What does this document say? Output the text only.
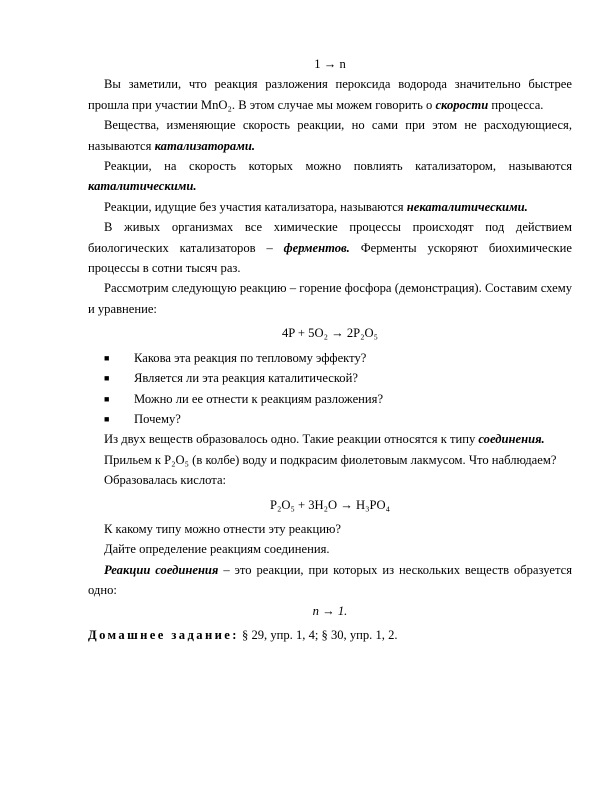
1 → n

Вы заметили, что реакция разложения пероксида водорода значительно быстрее прошла при участии MnO₂. В этом случае мы можем говорить о скорости процесса.

Вещества, изменяющие скорость реакции, но сами при этом не расходующиеся, называются катализаторами.

Реакции, на скорость которых можно повлиять катализатором, называются каталитическими.

Реакции, идущие без участия катализатора, называются некаталитическими.

В живых организмах все химические процессы происходят под действием биологических катализаторов – ферментов. Ферменты ускоряют биохимические процессы в сотни тысяч раз.

Рассмотрим следующую реакцию – горение фосфора (демонстрация). Составим схему и уравнение:

4P + 5O₂ → 2P₂O₅

■ Какова эта реакция по тепловому эффекту?
■ Является ли эта реакция каталитической?
■ Можно ли ее отнести к реакциям разложения?
■ Почему?

Из двух веществ образовалось одно. Такие реакции относятся к типу соединения.

Прильем к P₂O₅ (в колбе) воду и подкрасим фиолетовым лакмусом. Что наблюдаем?

Образовалась кислота:

P₂O₅ + 3H₂O → H₃PO₄

К какому типу можно отнести эту реакцию?

Дайте определение реакциям соединения.

Реакции соединения – это реакции, при которых из нескольких веществ образуется одно:

n → 1.

Домашнее задание: § 29, упр. 1, 4; § 30, упр. 1, 2.
